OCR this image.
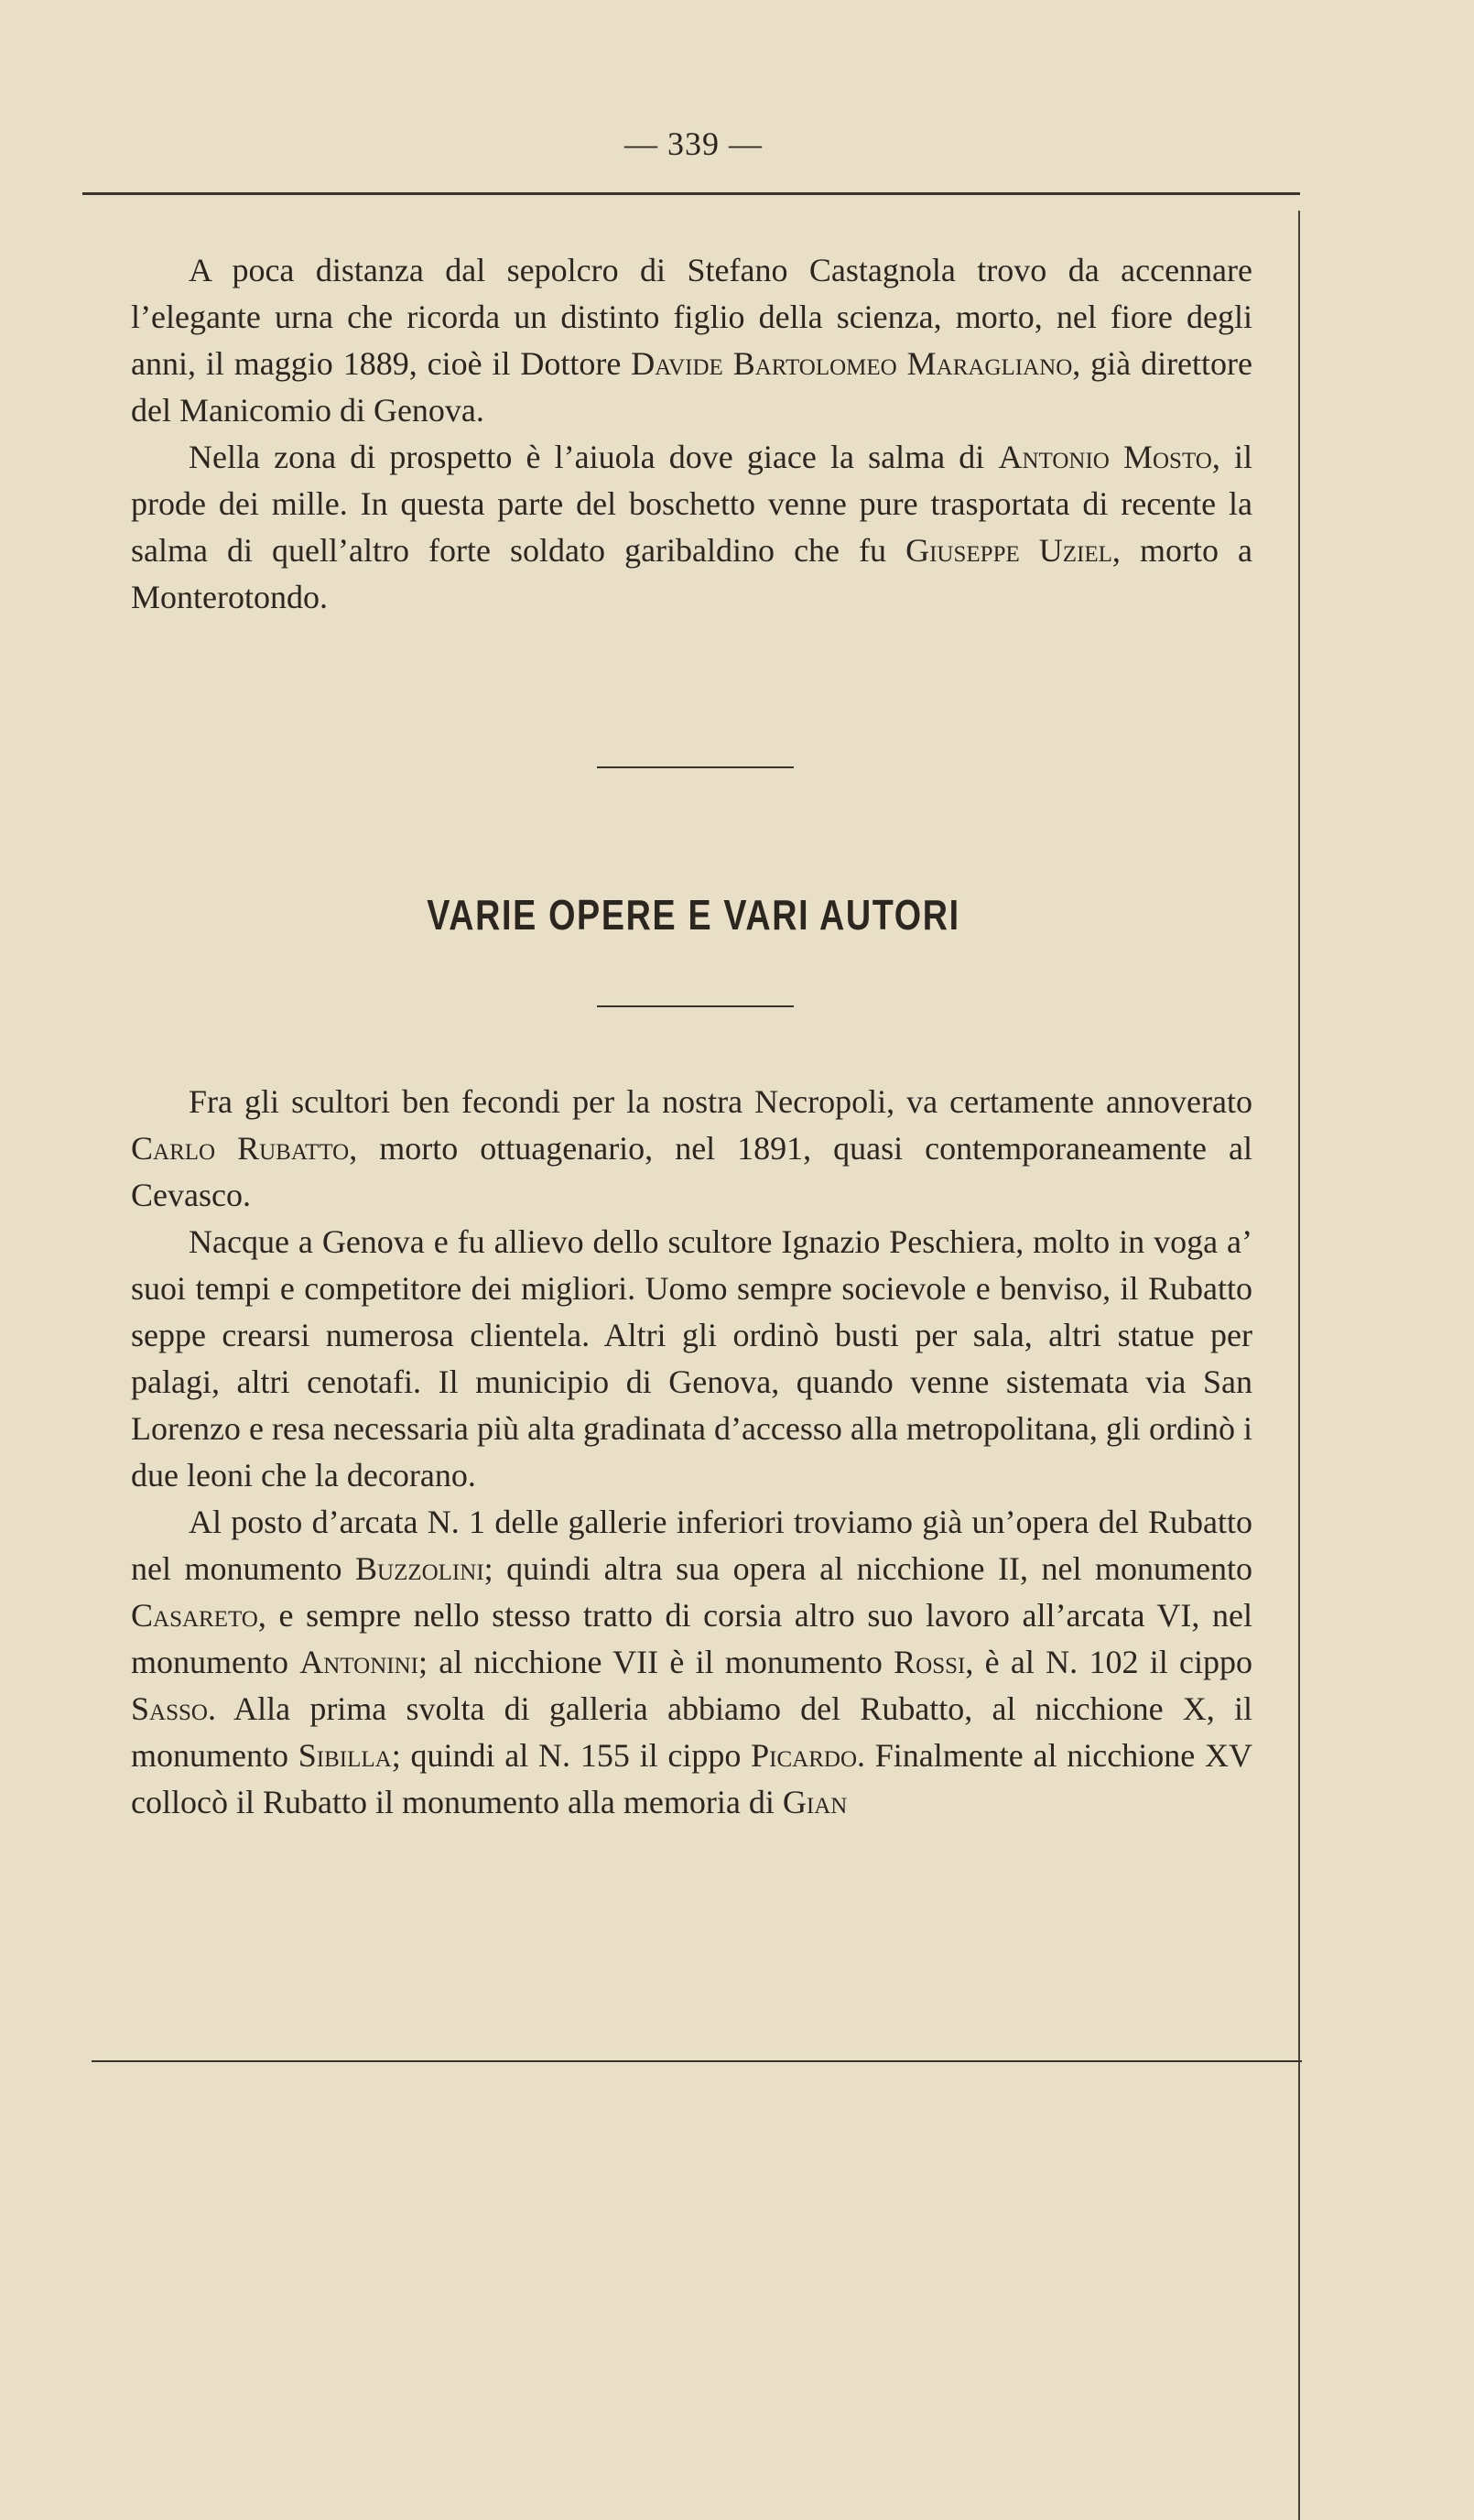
— 339 —

A poca distanza dal sepolcro di Stefano Castagnola trovo da accennare l’elegante urna che ricorda un distinto figlio della scienza, morto, nel fiore degli anni, il maggio 1889, cioè il Dottore Davide Bartolomeo Maragliano, già direttore del Manicomio di Genova.

Nella zona di prospetto è l’aiuola dove giace la salma di Antonio Mosto, il prode dei mille. In questa parte del boschetto venne pure trasportata di recente la salma di quell’altro forte soldato garibaldino che fu Giuseppe Uziel, morto a Monterotondo.

VARIE OPERE E VARI AUTORI

Fra gli scultori ben fecondi per la nostra Necropoli, va certamente annoverato Carlo Rubatto, morto ottuagenario, nel 1891, quasi contemporaneamente al Cevasco.

Nacque a Genova e fu allievo dello scultore Ignazio Peschiera, molto in voga a’ suoi tempi e competitore dei migliori. Uomo sempre socievole e benviso, il Rubatto seppe crearsi numerosa clientela. Altri gli ordinò busti per sala, altri statue per palagi, altri cenotafi. Il municipio di Genova, quando venne sistemata via San Lorenzo e resa necessaria più alta gradinata d’accesso alla metropolitana, gli ordinò i due leoni che la decorano.

Al posto d’arcata N. 1 delle gallerie inferiori troviamo già un’opera del Rubatto nel monumento Buzzolini; quindi altra sua opera al nicchione II, nel monumento Casareto, e sempre nello stesso tratto di corsia altro suo lavoro all’arcata VI, nel monumento Antonini; al nicchione VII è il monumento Rossi, è al N. 102 il cippo Sasso. Alla prima svolta di galleria abbiamo del Rubatto, al nicchione X, il monumento Sibilla; quindi al N. 155 il cippo Picardo. Finalmente al nicchione XV collocò il Rubatto il monumento alla memoria di Gian
